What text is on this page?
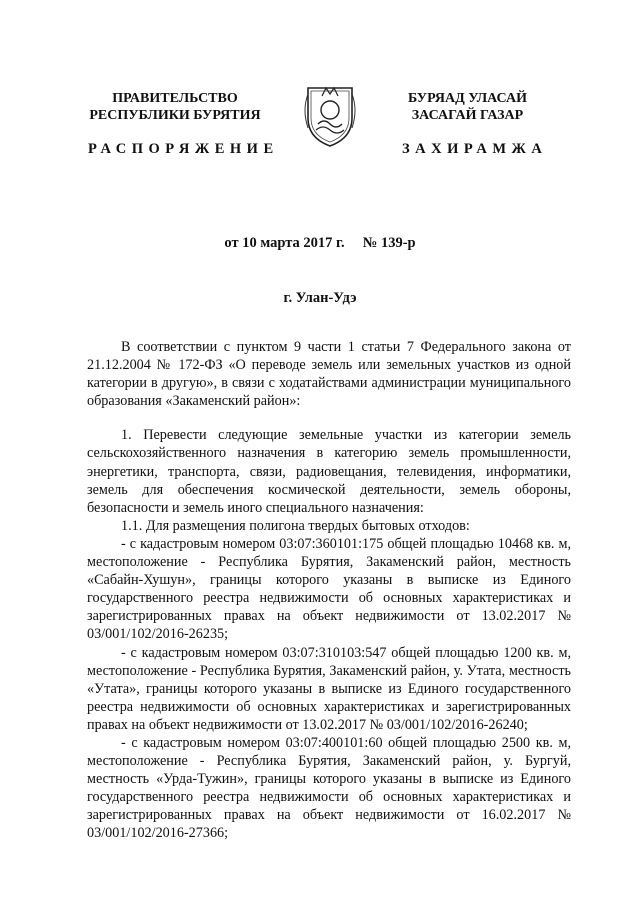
ПРАВИТЕЛЬСТВО
РЕСПУБЛИКИ БУРЯТИЯ
БУРЯАД УЛАСАЙ
ЗАСАГАЙ ГАЗАР
РАСПОРЯЖЕНИЕ	ЗАХИРАМЖА
от 10 марта 2017 г. № 139-р
г. Улан-Удэ

В соответствии с пунктом 9 части 1 статьи 7 Федерального закона от 21.12.2004 № 172-ФЗ «О переводе земель или земельных участков из одной категории в другую», в связи с ходатайствами администрации муниципального образования «Закаменский район»:

1. Перевести следующие земельные участки из категории земель сельскохозяйственного назначения в категорию земель промышленности, энергетики, транспорта, связи, радиовещания, телевидения, информатики, земель для обеспечения космической деятельности, земель обороны, безопасности и земель иного специального назначения:

1.1. Для размещения полигона твердых бытовых отходов:

- с кадастровым номером 03:07:360101:175 общей площадью 10468 кв. м, местоположение - Республика Бурятия, Закаменский район, местность «Сабайн-Хушун», границы которого указаны в выписке из Единого государственного реестра недвижимости об основных характеристиках и зарегистрированных правах на объект недвижимости от 13.02.2017 № 03/001/102/2016-26235;

- с кадастровым номером 03:07:310103:547 общей площадью 1200 кв. м, местоположение - Республика Бурятия, Закаменский район, у. Утата, местность «Утата», границы которого указаны в выписке из Единого государственного реестра недвижимости об основных характеристиках и зарегистрированных правах на объект недвижимости от 13.02.2017 № 03/001/102/2016-26240;

- с кадастровым номером 03:07:400101:60 общей площадью 2500 кв. м, местоположение - Республика Бурятия, Закаменский район, у. Бургуй, местность «Урда-Тужин», границы которого указаны в выписке из Единого государственного реестра недвижимости об основных характеристиках и зарегистрированных правах на объект недвижимости от 16.02.2017 № 03/001/102/2016-27366;
